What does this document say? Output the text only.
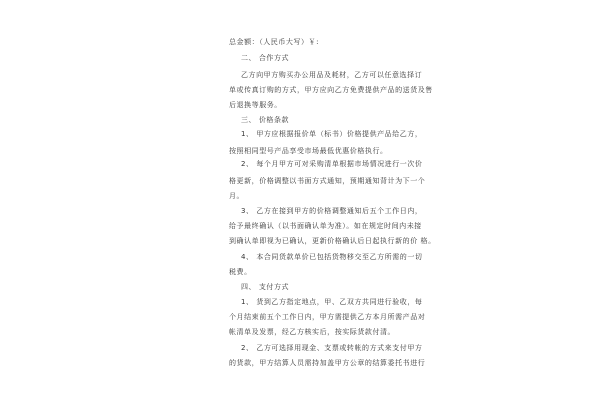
总金额：（人民币大写）￥:
二、 合作方式
乙方向甲方购买办公用品及耗材，乙方可以任意选择订
单或传真订购的方式，甲方应向乙方免费提供产品的送货及售
后退换等服务。
三、 价格条款
1、 甲方应根据报价单（标书）价格提供产品给乙方，
按照相同型号产品享受市场最低优惠价格执行。
2、 每个月甲方可对采购清单根据市场情况进行一次价
格更新，价格调整以书面方式通知，预期通知背计为下一个
月。
3、 乙方在接到甲方的价格调整通知后五个工作日内，
给予最终确认（以书面确认单为准）。如在规定时间内未接
到确认单即视为已确认，更新价格确认后日起执行新的价 格。
4、 本合同货款单价已包括货物移交至乙方所需的一切
税费。
四、 支付方式
1、 货到乙方指定地点，甲、乙双方共同进行验收，每
个月结束前五个工作日内，甲方需提供乙方本月所需产品对
帐清单及发票，经乙方核实后，按实际货款付清。
2、 乙方可选择用现金、支票或转帐的方式来支付甲方
的货款，甲方结算人员需持加盖甲方公章的结算委托书进行
